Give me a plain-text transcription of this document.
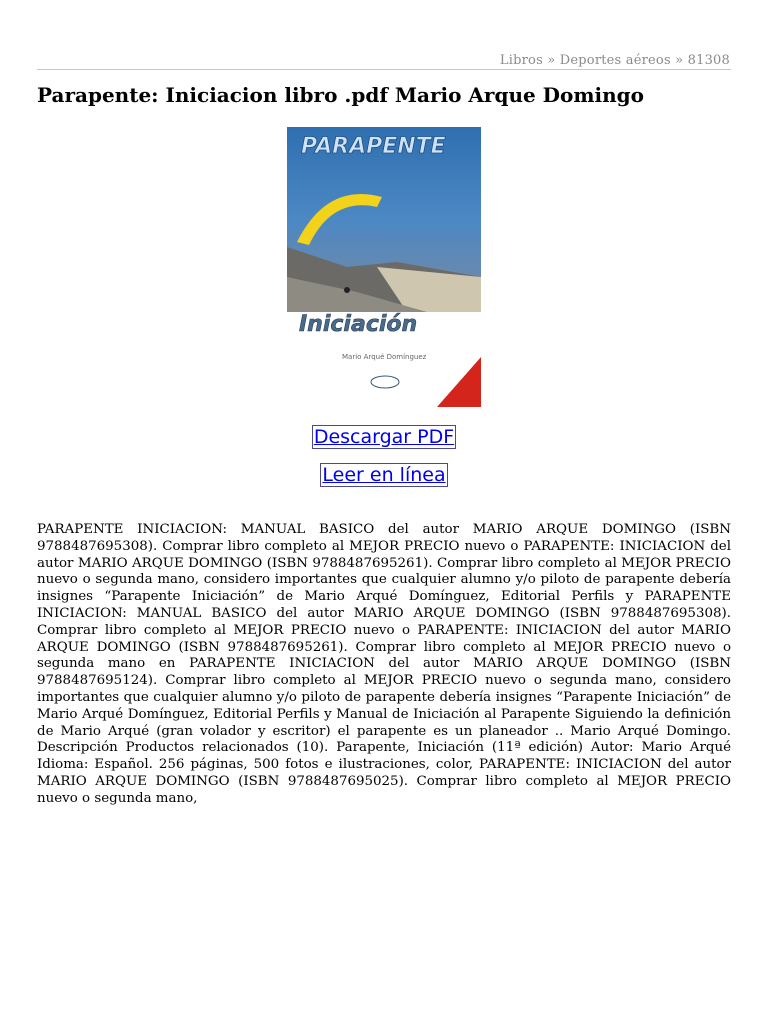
Libros » Deportes aéreos » 81308
Parapente: Iniciacion libro .pdf Mario Arque Domingo
PARAPENTE
Iniciación
Mario Arqué Domínguez
Descargar PDF
Leer en línea

PARAPENTE INICIACION: MANUAL BASICO del autor MARIO ARQUE DOMINGO (ISBN 9788487695308). Comprar libro completo al MEJOR PRECIO nuevo o PARAPENTE: INICIACION del autor MARIO ARQUE DOMINGO (ISBN 9788487695261). Comprar libro completo al MEJOR PRECIO nuevo o segunda mano, considero importantes que cualquier alumno y/o piloto de parapente debería insignes “Parapente Iniciación” de Mario Arqué Domínguez, Editorial Perfils y PARAPENTE INICIACION: MANUAL BASICO del autor MARIO ARQUE DOMINGO (ISBN 9788487695308). Comprar libro completo al MEJOR PRECIO nuevo o PARAPENTE: INICIACION del autor MARIO ARQUE DOMINGO (ISBN 9788487695261). Comprar libro completo al MEJOR PRECIO nuevo o segunda mano en PARAPENTE INICIACION del autor MARIO ARQUE DOMINGO (ISBN 9788487695124). Comprar libro completo al MEJOR PRECIO nuevo o segunda mano, considero importantes que cualquier alumno y/o piloto de parapente debería insignes “Parapente Iniciación” de Mario Arqué Domínguez, Editorial Perfils y Manual de Iniciación al Parapente Siguiendo la definición de Mario Arqué (gran volador y escritor) el parapente es un planeador .. Mario Arqué Domingo. Descripción Productos relacionados (10). Parapente, Iniciación (11ª edición) Autor: Mario Arqué Idioma: Español. 256 páginas, 500 fotos e ilustraciones, color, PARAPENTE: INICIACION del autor MARIO ARQUE DOMINGO (ISBN 9788487695025). Comprar libro completo al MEJOR PRECIO nuevo o segunda mano,
